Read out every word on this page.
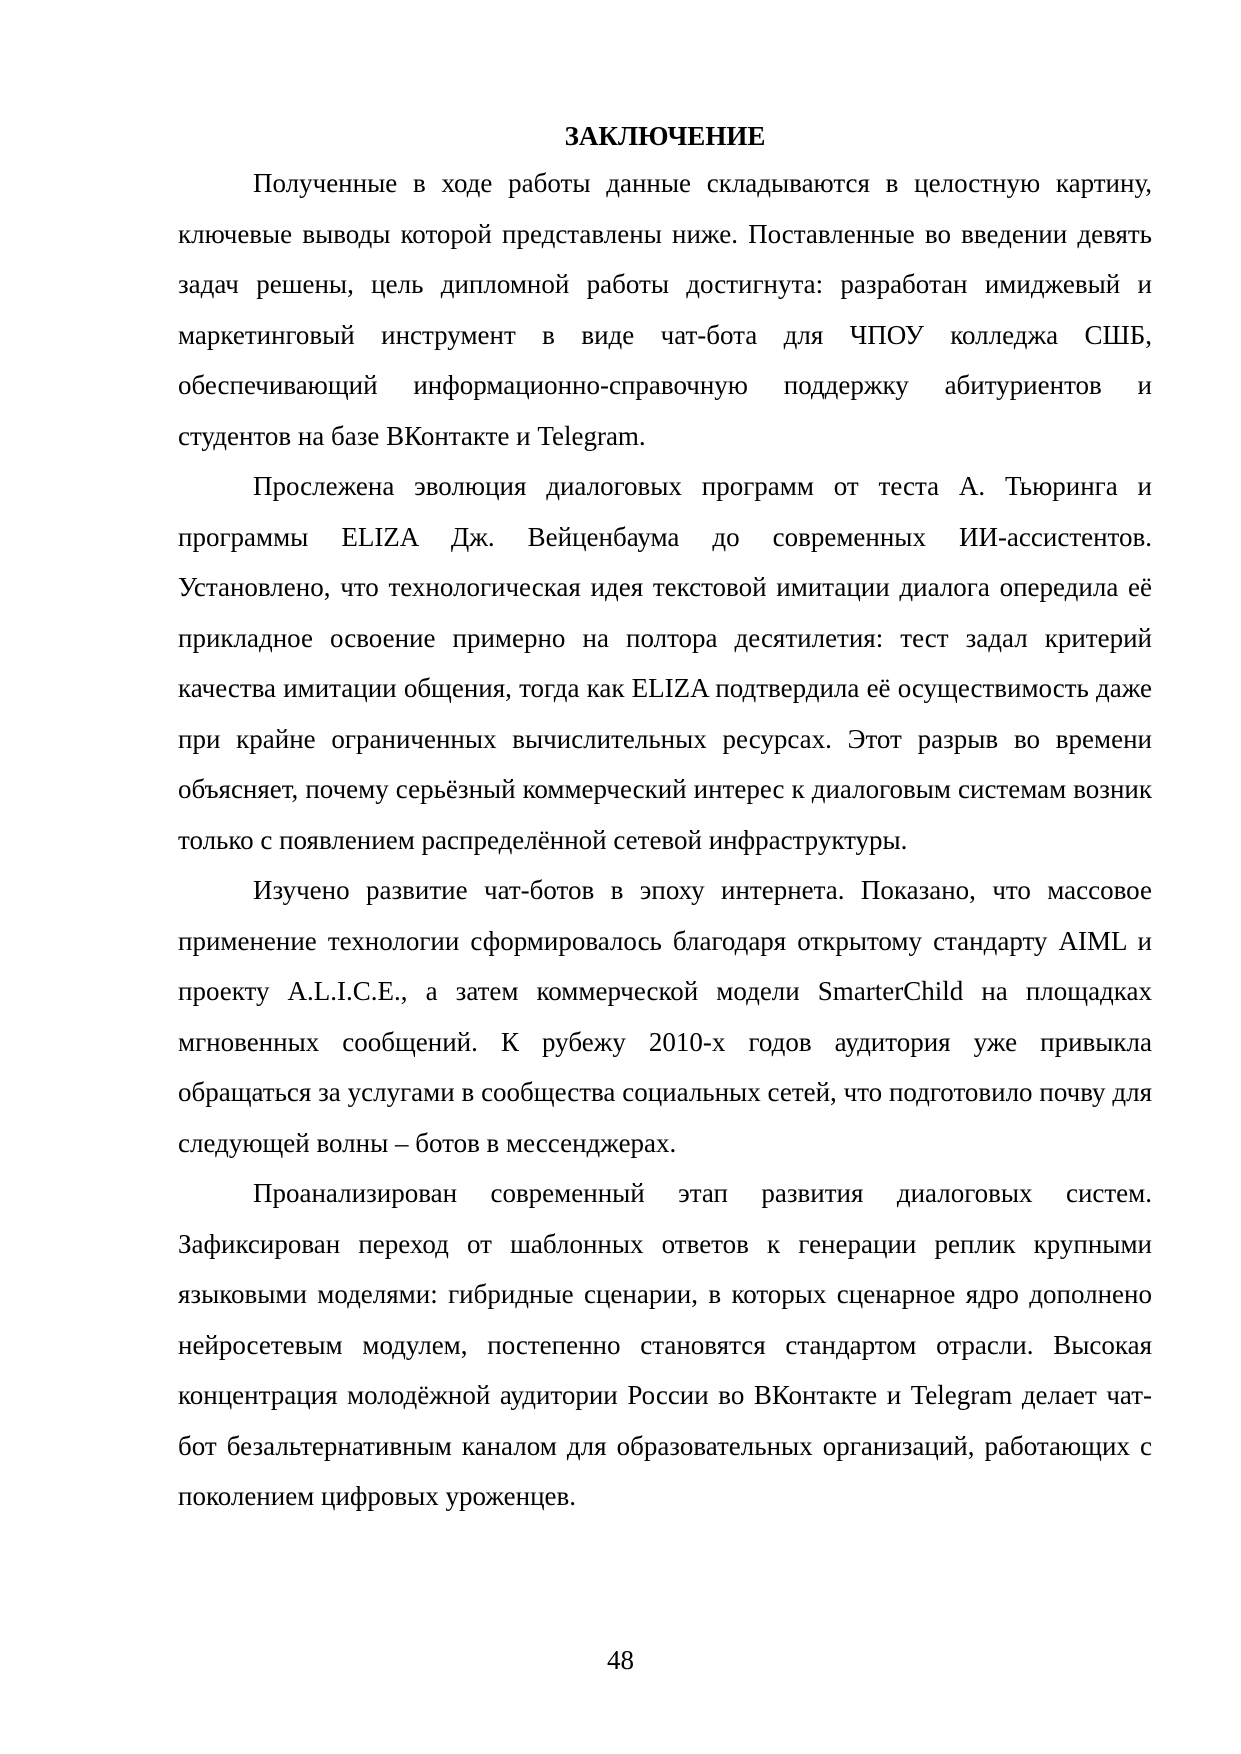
ЗАКЛЮЧЕНИЕ

Полученные в ходе работы данные складываются в целостную картину, ключевые выводы которой представлены ниже. Поставленные во введении девять задач решены, цель дипломной работы достигнута: разработан имиджевый и маркетинговый инструмент в виде чат-бота для ЧПОУ колледжа СШБ, обеспечивающий информационно-справочную поддержку абитуриентов и студентов на базе ВКонтакте и Telegram.

Прослежена эволюция диалоговых программ от теста А. Тьюринга и программы ELIZA Дж. Вейценбаума до современных ИИ-ассистентов. Установлено, что технологическая идея текстовой имитации диалога опередила её прикладное освоение примерно на полтора десятилетия: тест задал критерий качества имитации общения, тогда как ELIZA подтвердила её осуществимость даже при крайне ограниченных вычислительных ресурсах. Этот разрыв во времени объясняет, почему серьёзный коммерческий интерес к диалоговым системам возник только с появлением распределённой сетевой инфраструктуры.

Изучено развитие чат-ботов в эпоху интернета. Показано, что массовое применение технологии сформировалось благодаря открытому стандарту AIML и проекту A.L.I.C.E., а затем коммерческой модели SmarterChild на площадках мгновенных сообщений. К рубежу 2010-х годов аудитория уже привыкла обращаться за услугами в сообщества социальных сетей, что подготовило почву для следующей волны – ботов в мессенджерах.

Проанализирован современный этап развития диалоговых систем. Зафиксирован переход от шаблонных ответов к генерации реплик крупными языковыми моделями: гибридные сценарии, в которых сценарное ядро дополнено нейросетевым модулем, постепенно становятся стандартом отрасли. Высокая концентрация молодёжной аудитории России во ВКонтакте и Telegram делает чат-бот безальтернативным каналом для образовательных организаций, работающих с поколением цифровых уроженцев.

48
